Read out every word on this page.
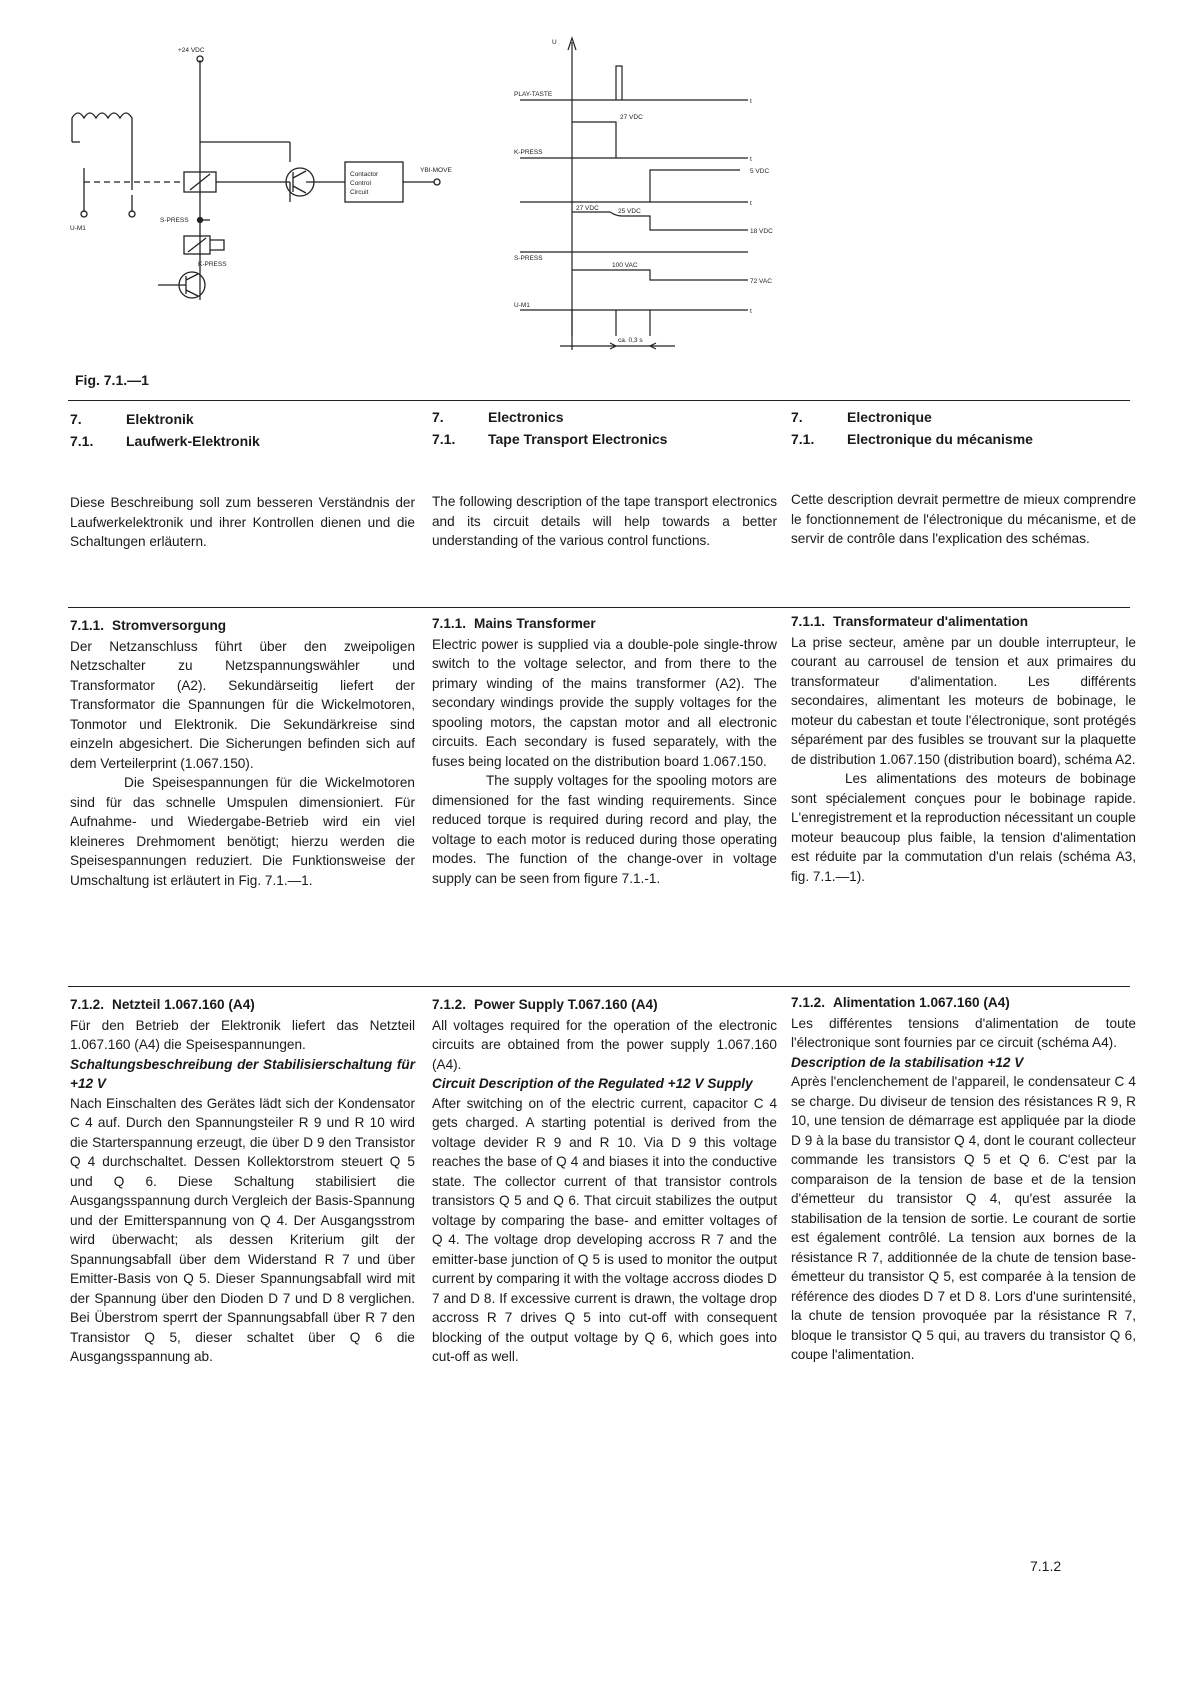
+24 VDC
Contactor
Control
Circuit
YBI-MOVE
S-PRESS
K-PRESS
U-M1
U
t
t
t
t
PLAY-TASTE
K-PRESS
S-PRESS
U-M1
27 VDC
5 VDC
27 VDC	25 VDC
18 VDC
100 VAC
72 VAC
ca. 0,3 s
Fig. 7.1.—1
7.	Elektronik
7.1. Laufwerk-Elektronik
7.	Electronics
7.1. Tape Transport Electronics
7.	Electronique
7.1. Electronique du mécanisme

Diese Beschreibung soll zum besseren Verständnis der Laufwerkelektronik und ihrer Kontrollen dienen und die Schaltungen erläutern.

The following description of the tape transport electronics and its circuit details will help towards a better understanding of the various control functions.

Cette description devrait permettre de mieux comprendre le fonctionnement de l'électronique du mécanisme, et de servir de contrôle dans l'explication des schémas.

7.1.1. Stromversorgung

Der Netzanschluss führt über den zweipoligen Netzschalter zu Netzspannungswähler und Transformator (A2). Sekundärseitig liefert der Transformator die Spannungen für die Wickelmotoren, Tonmotor und Elektronik. Die Sekundärkreise sind einzeln abgesichert. Die Sicherungen befinden sich auf dem Verteilerprint (1.067.150).

Die Speisespannungen für die Wickelmotoren sind für das schnelle Umspulen dimensioniert. Für Aufnahme- und Wiedergabe-Betrieb wird ein viel kleineres Drehmoment benötigt; hierzu werden die Speisespannungen reduziert. Die Funktionsweise der Umschaltung ist erläutert in Fig. 7.1.—1.

7.1.1. Mains Transformer

Electric power is supplied via a double-pole single-throw switch to the voltage selector, and from there to the primary winding of the mains transformer (A2). The secondary windings provide the supply voltages for the spooling motors, the capstan motor and all electronic circuits. Each secondary is fused separately, with the fuses being located on the distribution board 1.067.150.

The supply voltages for the spooling motors are dimensioned for the fast winding requirements. Since reduced torque is required during record and play, the voltage to each motor is reduced during those operating modes. The function of the change-over in voltage supply can be seen from figure 7.1.-1.

7.1.1. Transformateur d'alimentation

La prise secteur, amène par un double interrupteur, le courant au carrousel de tension et aux primaires du transformateur d'alimentation. Les différents secondaires, alimentant les moteurs de bobinage, le moteur du cabestan et toute l'électronique, sont protégés séparément par des fusibles se trouvant sur la plaquette de distribution 1.067.150 (distribution board), schéma A2.

Les alimentations des moteurs de bobinage sont spécialement conçues pour le bobinage rapide. L'enregistrement et la reproduction nécessitant un couple moteur beaucoup plus faible, la tension d'alimentation est réduite par la commutation d'un relais (schéma A3, fig. 7.1.—1).

7.1.2. Netzteil 1.067.160 (A4)

Für den Betrieb der Elektronik liefert das Netzteil 1.067.160 (A4) die Speisespannungen.

Schaltungsbeschreibung der Stabilisierschaltung für +12 V

Nach Einschalten des Gerätes lädt sich der Kondensator C 4 auf. Durch den Spannungsteiler R 9 und R 10 wird die Starterspannung erzeugt, die über D 9 den Transistor Q 4 durchschaltet. Dessen Kollektorstrom steuert Q 5 und Q 6. Diese Schaltung stabilisiert die Ausgangsspannung durch Vergleich der Basis-Spannung und der Emitterspannung von Q 4. Der Ausgangsstrom wird überwacht; als dessen Kriterium gilt der Spannungsabfall über dem Widerstand R 7 und über Emitter-Basis von Q 5. Dieser Spannungsabfall wird mit der Spannung über den Dioden D 7 und D 8 verglichen. Bei Überstrom sperrt der Spannungsabfall über R 7 den Transistor Q 5, dieser schaltet über Q 6 die Ausgangsspannung ab.

7.1.2. Power Supply T.067.160 (A4)

All voltages required for the operation of the electronic circuits are obtained from the power supply 1.067.160 (A4).

Circuit Description of the Regulated +12 V Supply

After switching on of the electric current, capacitor C 4 gets charged. A starting potential is derived from the voltage devider R 9 and R 10. Via D 9 this voltage reaches the base of Q 4 and biases it into the conductive state. The collector current of that transistor controls transistors Q 5 and Q 6. That circuit stabilizes the output voltage by comparing the base- and emitter voltages of Q 4. The voltage drop developing accross R 7 and the emitter-base junction of Q 5 is used to monitor the output current by comparing it with the voltage accross diodes D 7 and D 8. If excessive current is drawn, the voltage drop accross R 7 drives Q 5 into cut-off with consequent blocking of the output voltage by Q 6, which goes into cut-off as well.

7.1.2. Alimentation 1.067.160 (A4)

Les différentes tensions d'alimentation de toute l'électronique sont fournies par ce circuit (schéma A4).

Description de la stabilisation +12 V

Après l'enclenchement de l'appareil, le condensateur C 4 se charge. Du diviseur de tension des résistances R 9, R 10, une tension de démarrage est appliquée par la diode D 9 à la base du transistor Q 4, dont le courant collecteur commande les transistors Q 5 et Q 6. C'est par la comparaison de la tension de base et de la tension d'émetteur du transistor Q 4, qu'est assurée la stabilisation de la tension de sortie. Le courant de sortie est également contrôlé. La tension aux bornes de la résistance R 7, additionnée de la chute de tension base-émetteur du transistor Q 5, est comparée à la tension de référence des diodes D 7 et D 8. Lors d'une surintensité, la chute de tension provoquée par la résistance R 7, bloque le transistor Q 5 qui, au travers du transistor Q 6, coupe l'alimentation.

7.1.2
